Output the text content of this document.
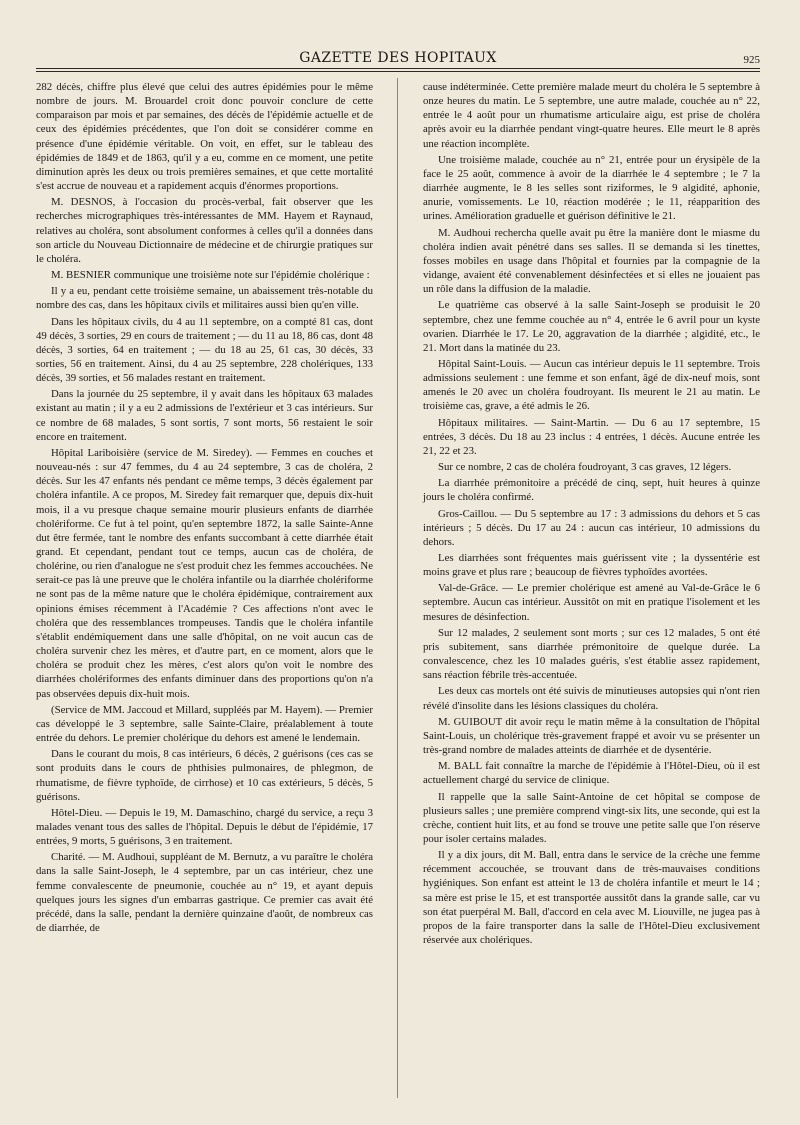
GAZETTE DES HOPITAUX	925

282 décès, chiffre plus élevé que celui des autres épidémies pour le même nombre de jours. M. Brouardel croit donc pouvoir conclure de cette comparaison par mois et par semaines, des décès de l'épidémie actuelle et de ceux des épidémies précédentes, que l'on doit se considérer comme en présence d'une épidémie véritable. On voit, en effet, sur le tableau des épidémies de 1849 et de 1863, qu'il y a eu, comme en ce moment, une petite diminution après les deux ou trois premières semaines, et que cette mortalité s'est accrue de nouveau et a rapidement acquis d'énormes proportions.

M. DESNOS, à l'occasion du procès-verbal, fait observer que les recherches micrographiques très-intéressantes de MM. Hayem et Raynaud, relatives au choléra, sont absolument conformes à celles qu'il a données dans son article du Nouveau Dictionnaire de médecine et de chirurgie pratiques sur le choléra.

M. BESNIER communique une troisième note sur l'épidémie cholérique :

Il y a eu, pendant cette troisième semaine, un abaissement très-notable du nombre des cas, dans les hôpitaux civils et militaires aussi bien qu'en ville.

Dans les hôpitaux civils, du 4 au 11 septembre, on a compté 81 cas, dont 49 décès, 3 sorties, 29 en cours de traitement ; — du 11 au 18, 86 cas, dont 48 décès, 3 sorties, 64 en traitement ; — du 18 au 25, 61 cas, 30 décès, 33 sorties, 56 en traitement. Ainsi, du 4 au 25 septembre, 228 cholériques, 133 décès, 39 sorties, et 56 malades restant en traitement.

Dans la journée du 25 septembre, il y avait dans les hôpitaux 63 malades existant au matin ; il y a eu 2 admissions de l'extérieur et 3 cas intérieurs. Sur ce nombre de 68 malades, 5 sont sortis, 7 sont morts, 56 restaient le soir encore en traitement.

Hôpital Lariboisière (service de M. Siredey). — Femmes en couches et nouveau-nés : sur 47 femmes, du 4 au 24 septembre, 3 cas de choléra, 2 décès. Sur les 47 enfants nés pendant ce même temps, 3 décès également par choléra infantile. A ce propos, M. Siredey fait remarquer que, depuis dix-huit mois, il a vu presque chaque semaine mourir plusieurs enfants de diarrhée cholériforme. Ce fut à tel point, qu'en septembre 1872, la salle Sainte-Anne dut être fermée, tant le nombre des enfants succombant à cette diarrhée était grand. Et cependant, pendant tout ce temps, aucun cas de choléra, de cholérine, ou rien d'analogue ne s'est produit chez les femmes accouchées. Ne serait-ce pas là une preuve que le choléra infantile ou la diarrhée cholériforme ne sont pas de la même nature que le choléra épidémique, contrairement aux opinions émises récemment à l'Académie ? Ces affections n'ont avec le choléra que des ressemblances trompeuses. Tandis que le choléra infantile s'établit endémiquement dans une salle d'hôpital, on ne voit aucun cas de choléra survenir chez les mères, et d'autre part, en ce moment, alors que le choléra se produit chez les mères, c'est alors qu'on voit le nombre des diarrhées cholériformes des enfants diminuer dans des proportions qu'on n'a pas observées depuis dix-huit mois.

(Service de MM. Jaccoud et Millard, suppléés par M. Hayem). — Premier cas développé le 3 septembre, salle Sainte-Claire, préalablement à toute entrée du dehors. Le premier cholérique du dehors est amené le lendemain.

Dans le courant du mois, 8 cas intérieurs, 6 décès, 2 guérisons (ces cas se sont produits dans le cours de phthisies pulmonaires, de phlegmon, de rhumatisme, de fièvre typhoïde, de cirrhose) et 10 cas extérieurs, 5 décès, 5 guérisons.

Hôtel-Dieu. — Depuis le 19, M. Damaschino, chargé du service, a reçu 3 malades venant tous des salles de l'hôpital. Depuis le début de l'épidémie, 17 entrées, 9 morts, 5 guérisons, 3 en traitement.

Charité. — M. Audhoui, suppléant de M. Bernutz, a vu paraître le choléra dans la salle Saint-Joseph, le 4 septembre, par un cas intérieur, chez une femme convalescente de pneumonie, couchée au n° 19, et ayant depuis quelques jours les signes d'un embarras gastrique. Ce premier cas avait été précédé, dans la salle, pendant la dernière quinzaine d'août, de nombreux cas de diarrhée, de

cause indéterminée. Cette première malade meurt du choléra le 5 septembre à onze heures du matin. Le 5 septembre, une autre malade, couchée au n° 22, entrée le 4 août pour un rhumatisme articulaire aigu, est prise de choléra après avoir eu la diarrhée pendant vingt-quatre heures. Elle meurt le 8 après une réaction incomplète.

Une troisième malade, couchée au n° 21, entrée pour un érysipèle de la face le 25 août, commence à avoir de la diarrhée le 4 septembre ; le 7 la diarrhée augmente, le 8 les selles sont riziformes, le 9 algidité, aphonie, anurie, vomissements. Le 10, réaction modérée ; le 11, réapparition des urines. Amélioration graduelle et guérison définitive le 21.

M. Audhoui rechercha quelle avait pu être la manière dont le miasme du choléra indien avait pénétré dans ses salles. Il se demanda si les tinettes, fosses mobiles en usage dans l'hôpital et fournies par la compagnie de la vidange, avaient été convenablement désinfectées et si elles ne jouaient pas un rôle dans la diffusion de la maladie.

Le quatrième cas observé à la salle Saint-Joseph se produisit le 20 septembre, chez une femme couchée au n° 4, entrée le 6 avril pour un kyste ovarien. Diarrhée le 17. Le 20, aggravation de la diarrhée ; algidité, etc., le 21. Mort dans la matinée du 23.

Hôpital Saint-Louis. — Aucun cas intérieur depuis le 11 septembre. Trois admissions seulement : une femme et son enfant, âgé de dix-neuf mois, sont amenés le 20 avec un choléra foudroyant. Ils meurent le 21 au matin. Le troisième cas, grave, a été admis le 26.

Hôpitaux militaires. — Saint-Martin. — Du 6 au 17 septembre, 15 entrées, 3 décès. Du 18 au 23 inclus : 4 entrées, 1 décès. Aucune entrée les 21, 22 et 23.

Sur ce nombre, 2 cas de choléra foudroyant, 3 cas graves, 12 légers.

La diarrhée prémonitoire a précédé de cinq, sept, huit heures à quinze jours le choléra confirmé.

Gros-Caillou. — Du 5 septembre au 17 : 3 admissions du dehors et 5 cas intérieurs ; 5 décès. Du 17 au 24 : aucun cas intérieur, 10 admissions du dehors.

Les diarrhées sont fréquentes mais guérissent vite ; la dyssentérie est moins grave et plus rare ; beaucoup de fièvres typhoïdes avortées.

Val-de-Grâce. — Le premier cholérique est amené au Val-de-Grâce le 6 septembre. Aucun cas intérieur. Aussitôt on mit en pratique l'isolement et les mesures de désinfection.

Sur 12 malades, 2 seulement sont morts ; sur ces 12 malades, 5 ont été pris subitement, sans diarrhée prémonitoire de quelque durée. La convalescence, chez les 10 malades guéris, s'est établie assez rapidement, sans réaction fébrile très-accentuée.

Les deux cas mortels ont été suivis de minutieuses autopsies qui n'ont rien révélé d'insolite dans les lésions classiques du choléra.

M. GUIBOUT dit avoir reçu le matin même à la consultation de l'hôpital Saint-Louis, un cholérique très-gravement frappé et avoir vu se présenter un très-grand nombre de malades atteints de diarrhée et de dysentérie.

M. BALL fait connaître la marche de l'épidémie à l'Hôtel-Dieu, où il est actuellement chargé du service de clinique.

Il rappelle que la salle Saint-Antoine de cet hôpital se compose de plusieurs salles ; une première comprend vingt-six lits, une seconde, qui est la crèche, contient huit lits, et au fond se trouve une petite salle que l'on réserve pour isoler certains malades.

Il y a dix jours, dit M. Ball, entra dans le service de la crèche une femme récemment accouchée, se trouvant dans de très-mauvaises conditions hygiéniques. Son enfant est atteint le 13 de choléra infantile et meurt le 14 ; sa mère est prise le 15, et est transportée aussitôt dans la grande salle, car vu son état puerpéral M. Ball, d'accord en cela avec M. Liouville, ne jugea pas à propos de la faire transporter dans la salle de l'Hôtel-Dieu exclusivement réservée aux cholériques.
